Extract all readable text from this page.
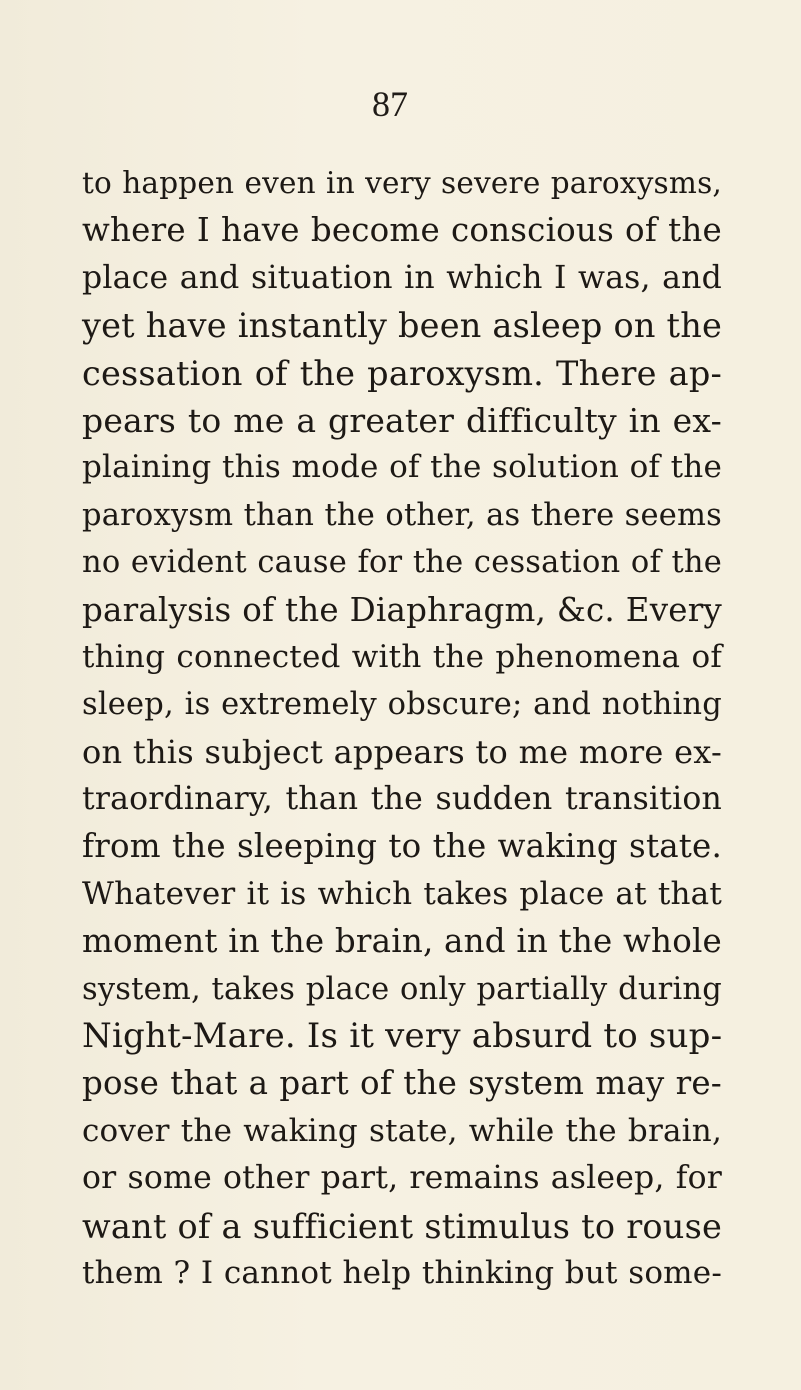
87
to happen even in very severe paroxysms,
where I have become conscious of the
place and situation in which I was, and
yet have instantly been asleep on the
cessation of the paroxysm. There ap-
pears to me a greater difficulty in ex-
plaining this mode of the solution of the
paroxysm than the other, as there seems
no evident cause for the cessation of the
paralysis of the Diaphragm, &c. Every
thing connected with the phenomena of
sleep, is extremely obscure; and nothing
on this subject appears to me more ex-
traordinary, than the sudden transition
from the sleeping to the waking state.
Whatever it is which takes place at that
moment in the brain, and in the whole
system, takes place only partially during
Night-Mare. Is it very absurd to sup-
pose that a part of the system may re-
cover the waking state, while the brain,
or some other part, remains asleep, for
want of a sufficient stimulus to rouse
them ? I cannot help thinking but some-
